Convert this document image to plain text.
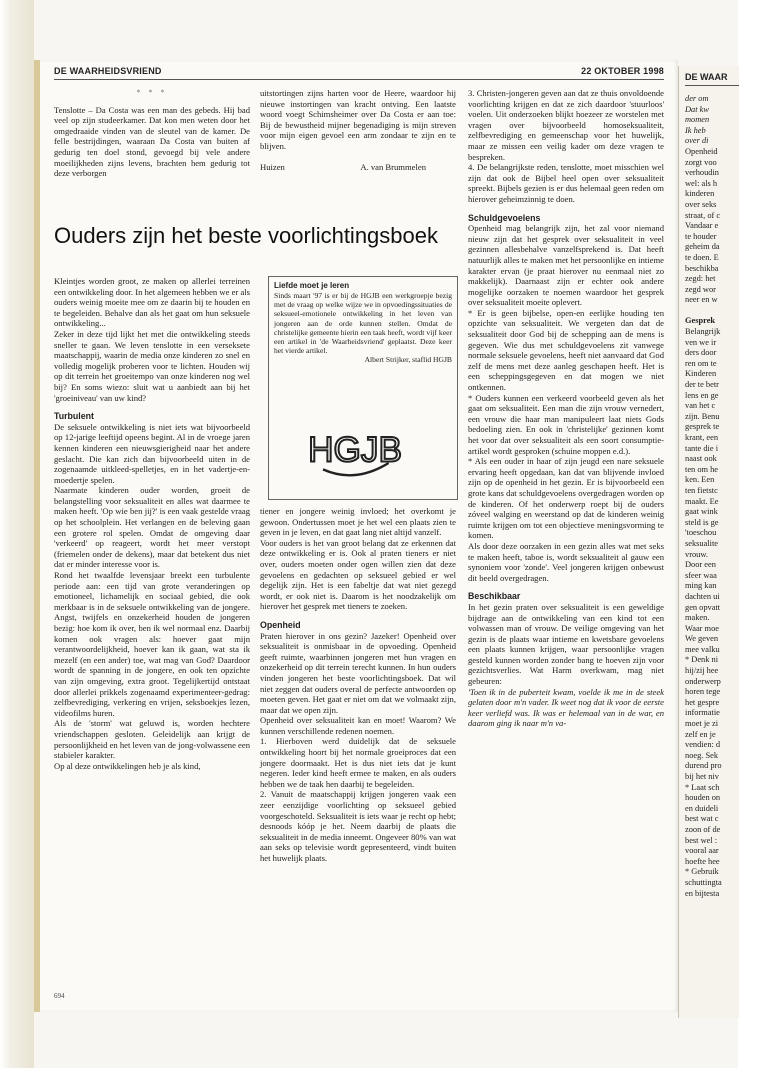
DE WAARHEIDSVRIEND	22 OKTOBER 1998
* * *

Tenslotte – Da Costa was een man des gebeds. Hij bad veel op zijn studeerkamer. Dat kon men weten door het omgedraaide vinden van de sleutel van de kamer. De felle bestrijdingen, waaraan Da Costa van buiten af gedurig ten doel stond, gevoegd bij vele andere moeilijkheden zijns levens, brachten hem gedurig tot deze verborgen

uitstortingen zijns harten voor de Heere, waardoor hij nieuwe instortingen van kracht ontving. Een laatste woord voegt Schimsheimer over Da Costa er aan toe: Bij de bewustheid mijner begenadiging is mijn streven voor mijn eigen gevoel een arm zondaar te zijn en te blijven.

Huizen	A. van Brummelen
Ouders zijn het beste voorlichtingsboek

Kleintjes worden groot, ze maken op allerlei terreinen een ontwikkeling door. In het algemeen hebben we er als ouders weinig moeite mee om ze daarin bij te houden en te begeleiden. Behalve dan als het gaat om hun seksuele ontwikkeling...

Zeker in deze tijd lijkt het met die ontwikkeling steeds sneller te gaan. We leven tenslotte in een verseksete maatschappij, waarin de media onze kinderen zo snel en volledig mogelijk proberen voor te lichten. Houden wij op dit terrein het groeitempo van onze kinderen nog wel bij? En soms wiezo: sluit wat u aanbiedt aan bij het 'groeiniveau' van uw kind?

Turbulent

De seksuele ontwikkeling is niet iets wat bijvoorbeeld op 12-jarige leeftijd opeens begint. Al in de vroege jaren kennen kinderen een nieuwsgierigheid naar het andere geslacht. Die kan zich dan bijvoorbeeld uiten in de zogenaamde uitkleed-spelletjes, en in het vadertje-en-moedertje spelen.

Naarmate kinderen ouder worden, groeit de belangstelling voor seksualiteit en alles wat daarmee te maken heeft. 'Op wie ben jij?' is een vaak gestelde vraag op het schoolplein. Het verlangen en de beleving gaan een grotere rol spelen. Omdat de omgeving daar 'verkeerd' op reageert, wordt het meer verstopt (friemelen onder de dekens), maar dat betekent dus niet dat er minder interesse voor is.

Rond het twaalfde levensjaar breekt een turbulente periode aan: een tijd van grote veranderingen op emotioneel, lichamelijk en sociaal gebied, die ook merkbaar is in de seksuele ontwikkeling van de jongere. Angst, twijfels en onzekerheid houden de jongeren bezig: hoe kom ik over, ben ik wel normaal enz. Daarbij komen ook vragen als: hoever gaat mijn verantwoordelijkheid, hoever kan ik gaan, wat sta ik mezelf (en een ander) toe, wat mag van God? Daardoor wordt de spanning in de jongere, en ook ten opzichte van zijn omgeving, extra groot. Tegelijkertijd ontstaat door allerlei prikkels zogenaamd experimenteer-gedrag: zelfbevrediging, verkering en vrijen, seksboekjes lezen, videofilms huren.

Als de 'storm' wat geluwd is, worden hechtere vriendschappen gesloten. Geleidelijk aan krijgt de persoonlijkheid en het leven van de jong-volwassene een stabieler karakter.

Op al deze ontwikkelingen heb je als kind,

Liefde moet je leren
Sinds maart '97 is er bij de HGJB een werkgroepje bezig met de vraag op welke wijze we in opvoedingssituaties de seksueel-emotionele ontwikkeling in het leven van jongeren aan de orde kunnen stellen. Omdat de christelijke gemeente hierin een taak heeft, wordt vijf keer een artikel in 'de Waarheidsvriend' geplaatst. Deze keer het vierde artikel.
Albert Strijker, staflid HGJB
HGJB

tiener en jongere weinig invloed; het overkomt je gewoon. Ondertussen moet je het wel een plaats zien te geven in je leven, en dat gaat lang niet altijd vanzelf.

Voor ouders is het van groot belang dat ze erkennen dat deze ontwikkeling er is. Ook al praten tieners er niet over, ouders moeten onder ogen willen zien dat deze gevoelens en gedachten op seksueel gebied er wel degelijk zijn. Het is een fabeltje dat wat niet gezegd wordt, er ook niet is. Daarom is het noodzakelijk om hierover het gesprek met tieners te zoeken.

Openheid

Praten hierover in ons gezin? Jazeker! Openheid over seksualiteit is onmisbaar in de opvoeding. Openheid geeft ruimte, waarbinnen jongeren met hun vragen en onzekerheid op dit terrein terecht kunnen. In hun ouders vinden jongeren het beste voorlichtingsboek. Dat wil niet zeggen dat ouders overal de perfecte antwoorden op moeten geven. Het gaat er niet om dat we volmaakt zijn, maar dat we open zijn.

Openheid over seksualiteit kan en moet! Waarom? We kunnen verschillende redenen noemen.

1. Hierboven werd duidelijk dat de seksuele ontwikkeling hoort bij het normale groeiproces dat een jongere doormaakt. Het is dus niet iets dat je kunt negeren. Ieder kind heeft ermee te maken, en als ouders hebben we de taak hen daarbij te begeleiden.

2. Vanuit de maatschappij krijgen jongeren vaak een zeer eenzijdige voorlichting op seksueel gebied voorgeschoteld. Seksualiteit is iets waar je recht op hebt; desnoods kóóp je het. Neem daarbij de plaats die seksualiteit in de media inneemt. Ongeveer 80% van wat aan seks op televisie wordt gepresenteerd, vindt buiten het huwelijk plaats.

3. Christen-jongeren geven aan dat ze thuis onvoldoende voorlichting krijgen en dat ze zich daardoor 'stuurloos' voelen. Uit onderzoeken blijkt hoezeer ze worstelen met vragen over bijvoorbeeld homoseksualiteit, zelfbevrediging en gemeenschap voor het huwelijk, maar ze missen een veilig kader om deze vragen te bespreken.

4. De belangrijkste reden, tenslotte, moet misschien wel zijn dat ook de Bijbel heel open over seksualiteit spreekt. Bijbels gezien is er dus helemaal geen reden om hierover geheimzinnig te doen.

Schuldgevoelens

Openheid mag belangrijk zijn, het zal voor niemand nieuw zijn dat het gesprek over seksualiteit in veel gezinnen allesbehalve vanzelfsprekend is. Dat heeft natuurlijk alles te maken met het persoonlijke en intieme karakter ervan (je praat hierover nu eenmaal niet zo makkelijk). Daarnaast zijn er echter ook andere mogelijke oorzaken te noemen waardoor het gesprek over seksualiteit moeite oplevert.

* Er is geen bijbelse, open-en eerlijke houding ten opzichte van seksualiteit. We vergeten dan dat de seksualiteit door God bij de schepping aan de mens is gegeven. Wie dus met schuldgevoelens zit vanwege normale seksuele gevoelens, heeft niet aanvaard dat God zelf de mens met deze aanleg geschapen heeft. Het is een scheppingsgegeven en dat mogen we niet ontkennen.

* Ouders kunnen een verkeerd voorbeeld geven als het gaat om seksualiteit. Een man die zijn vrouw vernedert, een vrouw die haar man manipuleert laat niets Gods bedoeling zien. En ook in 'christelijke' gezinnen komt het voor dat over seksualiteit als een soort consumptie-artikel wordt gesproken (schuine moppen e.d.).

* Als een ouder in haar of zijn jeugd een nare seksuele ervaring heeft opgedaan, kan dat van blijvende invloed zijn op de openheid in het gezin. Er is bijvoorbeeld een grote kans dat schuldgevoelens overgedragen worden op de kinderen. Of het onderwerp roept bij de ouders zóveel walging en weerstand op dat de kinderen weinig ruimte krijgen om tot een objectieve meningsvorming te komen.

Als door deze oorzaken in een gezin alles wat met seks te maken heeft, taboe is, wordt seksualiteit al gauw een synoniem voor 'zonde'. Veel jongeren krijgen onbewust dit beeld overgedragen.

Beschikbaar

In het gezin praten over seksualiteit is een geweldige bijdrage aan de ontwikkeling van een kind tot een volwassen man of vrouw. De veilige omgeving van het gezin is de plaats waar intieme en kwetsbare gevoelens een plaats kunnen krijgen, waar persoonlijke vragen gesteld kunnen worden zonder bang te hoeven zijn voor gezichtsverlies. Wat Harm overkwam, mag niet gebeuren:

'Toen ik in de puberteit kwam, voelde ik me in de steek gelaten door m'n vader. Ik weet nog dat ik voor de eerste keer verliefd was. Ik was er helemaal van in de war, en daarom ging ik naar m'n va-

694
DE WAAR
der om
Dat kw
momen
Ik heb
over di
Openheid
zorgt voo
verhoudin
wel: als h
kinderen
over seks
straat, of c
Vandaar e
te houder
geheim da
te doen. E
beschikba
zegd: het
zegd wor
neer en w

Gesprek
Belangrijk
ven we ir
ders door
ren om te
Kinderen
der te betr
lens en ge
van het c
zijn. Benu
gesprek te
krant, een
tante die i
naast ook
ten om he
ken. Een
ten fietstc
maakt. Ee
gaat wink
steld is ge
'toeschou
seksualite
vrouw.
Door een
sfeer waa
ming kan
dachten ui
gen opvatt
maken.
Waar moe
We geven
mee valku
* Denk ni
hij/zij hee
onderwerp
horen tege
het gespre
informatie
moet je zi
zelf en je
vendien: d
noeg. Sek
durend pro
bij het niv
* Laat sch
houden on
en duideli
best wat c
zoon of de
best wel :
vooral aar
hoefte hee
* Gebruik
schuttingta
en bijtesta
